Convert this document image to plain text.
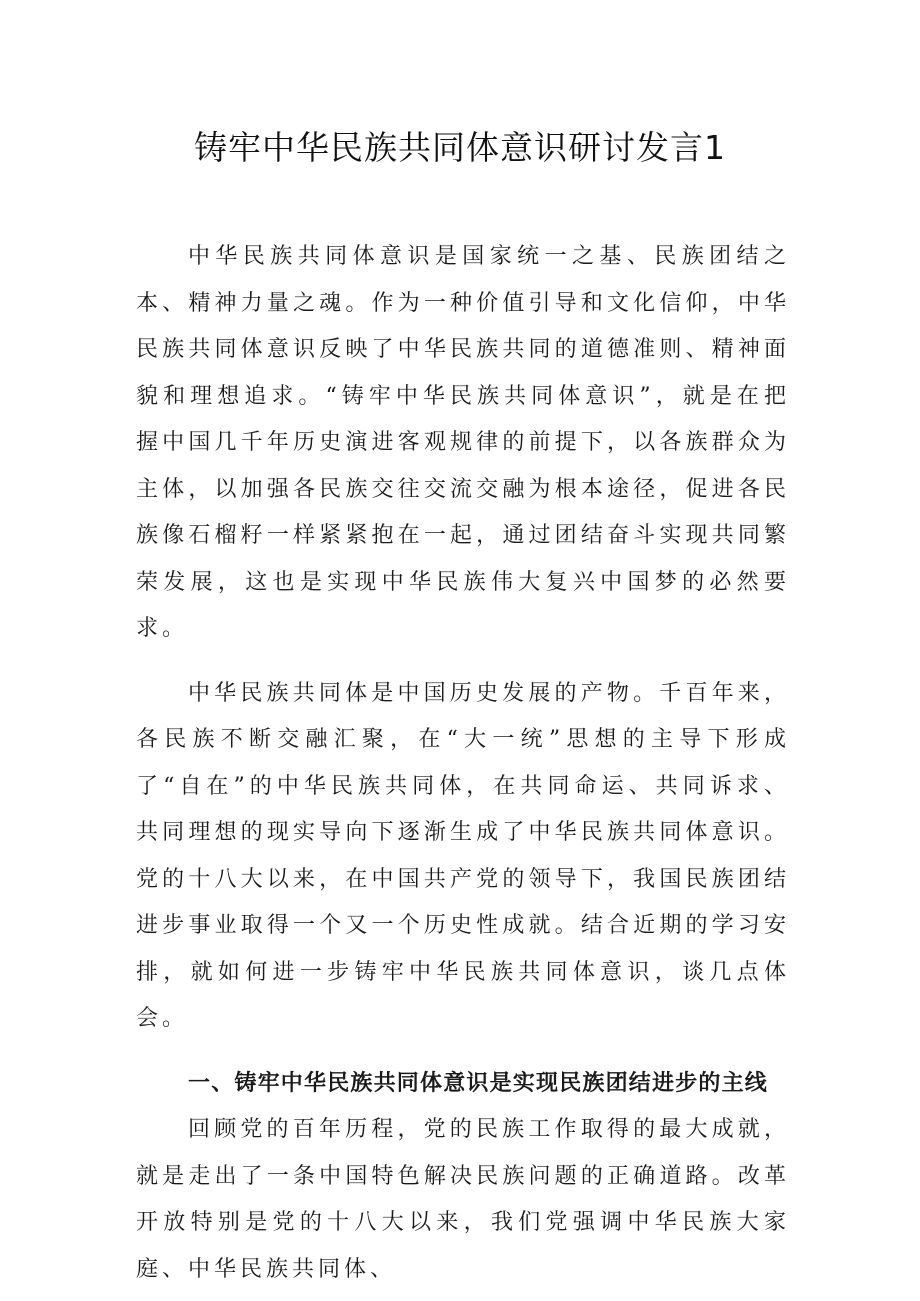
铸牢中华民族共同体意识研讨发言1

中华民族共同体意识是国家统一之基、民族团结之本、精神力量之魂。作为一种价值引导和文化信仰，中华民族共同体意识反映了中华民族共同的道德准则、精神面貌和理想追求。“铸牢中华民族共同体意识”，就是在把握中国几千年历史演进客观规律的前提下，以各族群众为主体，以加强各民族交往交流交融为根本途径，促进各民族像石榴籽一样紧紧抱在一起，通过团结奋斗实现共同繁荣发展，这也是实现中华民族伟大复兴中国梦的必然要求。

中华民族共同体是中国历史发展的产物。千百年来，各民族不断交融汇聚，在“大一统”思想的主导下形成了“自在”的中华民族共同体，在共同命运、共同诉求、共同理想的现实导向下逐渐生成了中华民族共同体意识。党的十八大以来，在中国共产党的领导下，我国民族团结进步事业取得一个又一个历史性成就。结合近期的学习安排，就如何进一步铸牢中华民族共同体意识，谈几点体会。

一、铸牢中华民族共同体意识是实现民族团结进步的主线

回顾党的百年历程，党的民族工作取得的最大成就，就是走出了一条中国特色解决民族问题的正确道路。改革开放特别是党的十八大以来，我们党强调中华民族大家庭、中华民族共同体、
